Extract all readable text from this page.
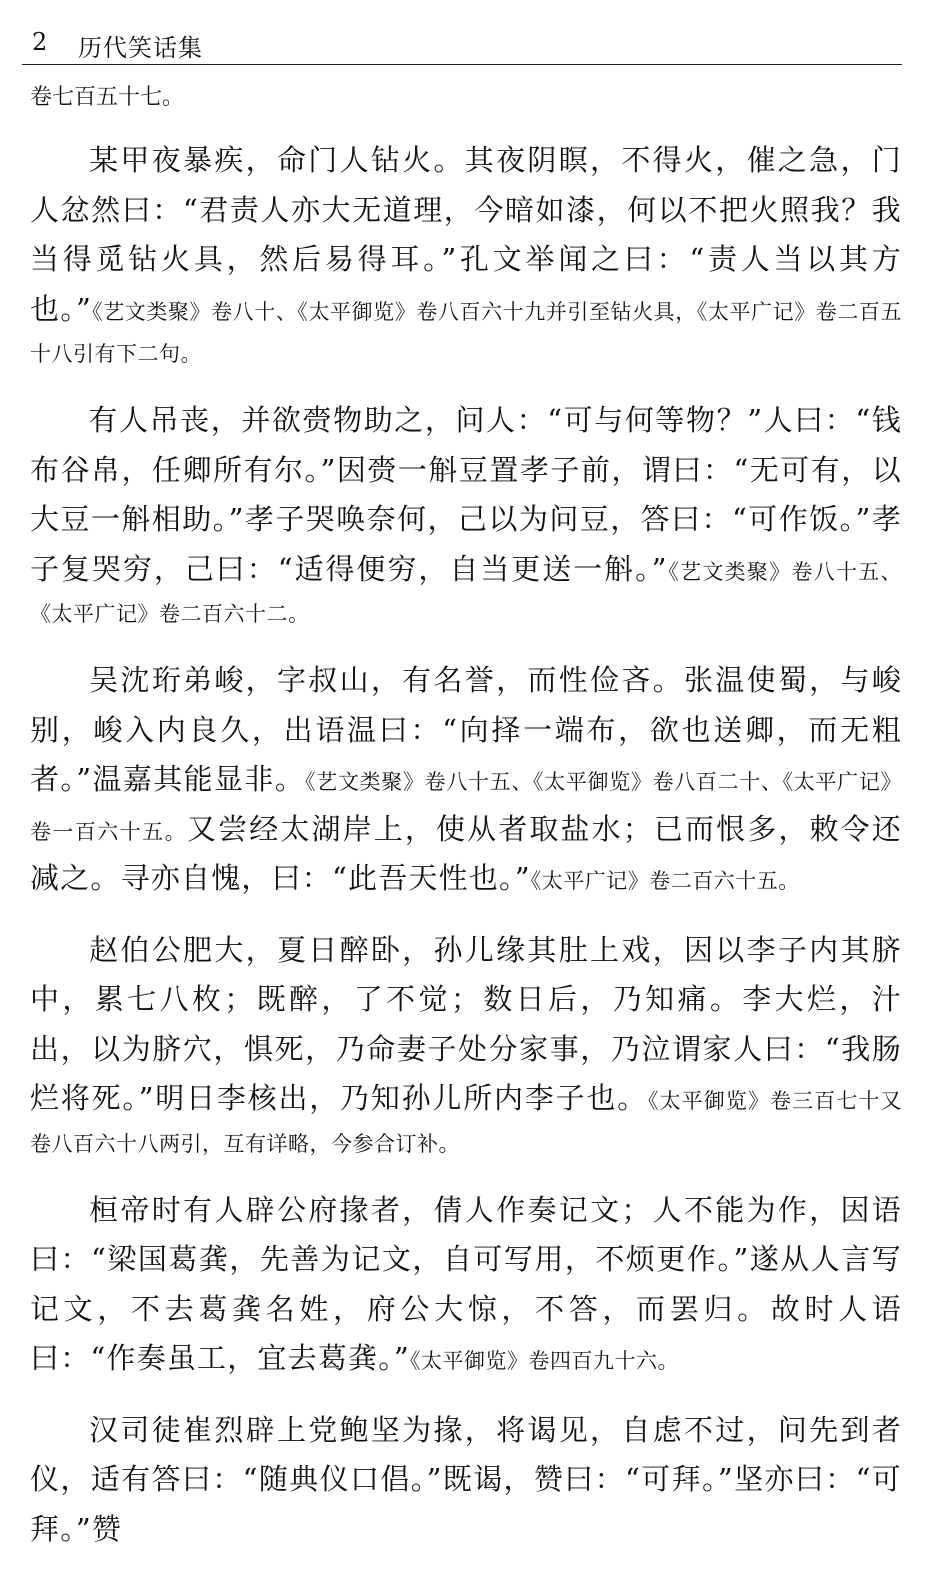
2 历代笑话集

卷七百五十七。

某甲夜暴疾，命门人钻火。其夜阴瞑，不得火，催之急，门人忿然曰：“君责人亦大无道理，今暗如漆，何以不把火照我？我当得觅钻火具，然后易得耳。”孔文举闻之曰：“责人当以其方也。”《艺文类聚》卷八十、《太平御览》卷八百六十九并引至钻火具，《太平广记》卷二百五十八引有下二句。

有人吊丧，并欲赍物助之，问人：“可与何等物？”人曰：“钱布谷帛，任卿所有尔。”因赍一斛豆置孝子前，谓曰：“无可有，以大豆一斛相助。”孝子哭唤奈何，己以为问豆，答曰：“可作饭。”孝子复哭穷，己曰：“适得便穷，自当更送一斛。”《艺文类聚》卷八十五、《太平广记》卷二百六十二。

吴沈珩弟峻，字叔山，有名誉，而性俭吝。张温使蜀，与峻别，峻入内良久，出语温曰：“向择一端布，欲也送卿，而无粗者。”温嘉其能显非。《艺文类聚》卷八十五、《太平御览》卷八百二十、《太平广记》卷一百六十五。又尝经太湖岸上，使从者取盐水；已而恨多，敕令还减之。寻亦自愧，曰：“此吾天性也。”《太平广记》卷二百六十五。

赵伯公肥大，夏日醉卧，孙儿缘其肚上戏，因以李子内其脐中，累七八枚；既醉，了不觉；数日后，乃知痛。李大烂，汁出，以为脐穴，惧死，乃命妻子处分家事，乃泣谓家人曰：“我肠烂将死。”明日李核出，乃知孙儿所内李子也。《太平御览》卷三百七十又卷八百六十八两引，互有详略，今参合订补。

桓帝时有人辟公府掾者，倩人作奏记文；人不能为作，因语曰：“梁国葛龚，先善为记文，自可写用，不烦更作。”遂从人言写记文，不去葛龚名姓，府公大惊，不答，而罢归。故时人语曰：“作奏虽工，宜去葛龚。”《太平御览》卷四百九十六。

汉司徒崔烈辟上党鲍坚为掾，将谒见，自虑不过，问先到者仪，适有答曰：“随典仪口倡。”既谒，赞曰：“可拜。”坚亦曰：“可拜。”赞
